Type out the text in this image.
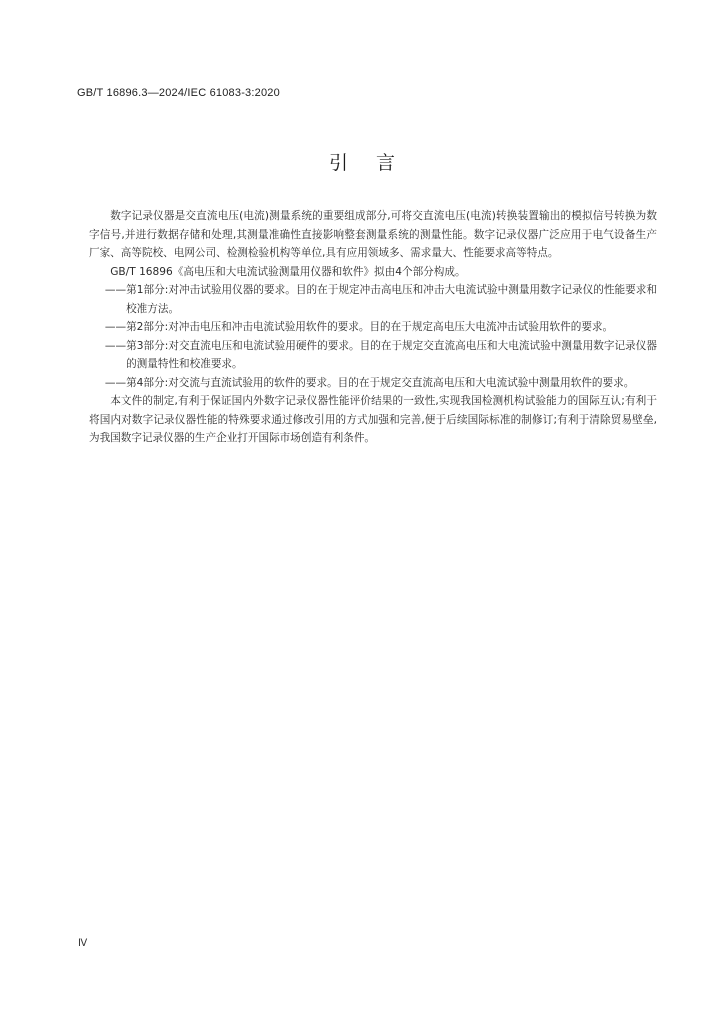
GB/T 16896.3—2024/IEC 61083-3:2020
引 言

数字记录仪器是交直流电压(电流)测量系统的重要组成部分,可将交直流电压(电流)转换装置输出的模拟信号转换为数字信号,并进行数据存储和处理,其测量准确性直接影响整套测量系统的测量性能。数字记录仪器广泛应用于电气设备生产厂家、高等院校、电网公司、检测检验机构等单位,具有应用领域多、需求量大、性能要求高等特点。

GB/T 16896《高电压和大电流试验测量用仪器和软件》拟由4个部分构成。

——第1部分:对冲击试验用仪器的要求。目的在于规定冲击高电压和冲击大电流试验中测量用数字记录仪的性能要求和校准方法。

——第2部分:对冲击电压和冲击电流试验用软件的要求。目的在于规定高电压大电流冲击试验用软件的要求。

——第3部分:对交直流电压和电流试验用硬件的要求。目的在于规定交直流高电压和大电流试验中测量用数字记录仪器的测量特性和校准要求。

——第4部分:对交流与直流试验用的软件的要求。目的在于规定交直流高电压和大电流试验中测量用软件的要求。

本文件的制定,有利于保证国内外数字记录仪器性能评价结果的一致性,实现我国检测机构试验能力的国际互认;有利于将国内对数字记录仪器性能的特殊要求通过修改引用的方式加强和完善,便于后续国际标准的制修订;有利于清除贸易壁垒,为我国数字记录仪器的生产企业打开国际市场创造有利条件。

Ⅳ
